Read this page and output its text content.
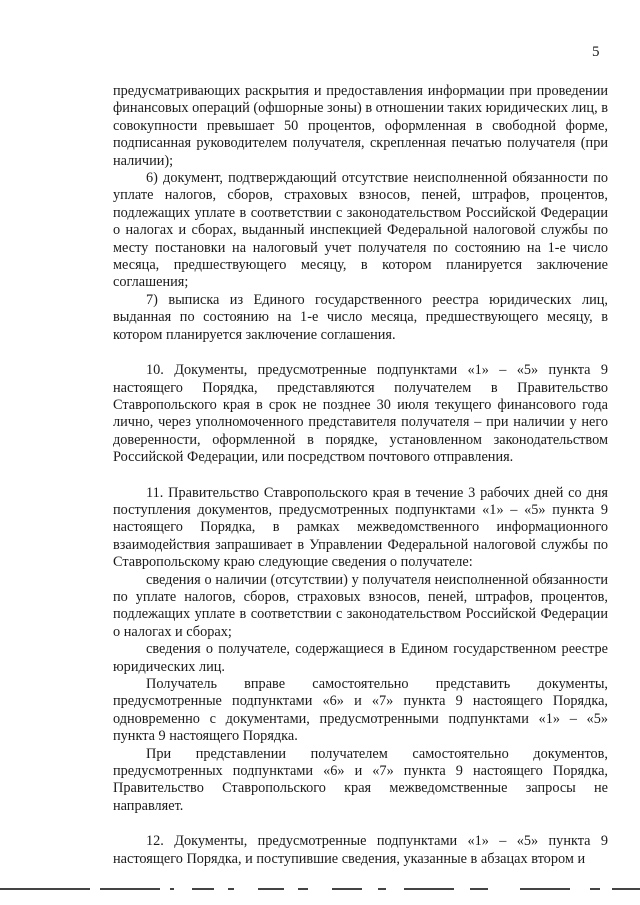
5

предусматривающих раскрытия и предоставления информации при проведении финансовых операций (офшорные зоны) в отношении таких юридических лиц, в совокупности превышает 50 процентов, оформленная в свободной форме, подписанная руководителем получателя, скрепленная печатью получателя (при наличии);

6) документ, подтверждающий отсутствие неисполненной обязанности по уплате налогов, сборов, страховых взносов, пеней, штрафов, процентов, подлежащих уплате в соответствии с законодательством Российской Федерации о налогах и сборах, выданный инспекцией Федеральной налоговой службы по месту постановки на налоговый учет получателя по состоянию на 1-е число месяца, предшествующего месяцу, в котором планируется заключение соглашения;

7) выписка из Единого государственного реестра юридических лиц, выданная по состоянию на 1-е число месяца, предшествующего месяцу, в котором планируется заключение соглашения.

10. Документы, предусмотренные подпунктами «1» – «5» пункта 9 настоящего Порядка, представляются получателем в Правительство Ставропольского края в срок не позднее 30 июля текущего финансового года лично, через уполномоченного представителя получателя – при наличии у него доверенности, оформленной в порядке, установленном законодательством Российской Федерации, или посредством почтового отправления.

11. Правительство Ставропольского края в течение 3 рабочих дней со дня поступления документов, предусмотренных подпунктами «1» – «5» пункта 9 настоящего Порядка, в рамках межведомственного информационного взаимодействия запрашивает в Управлении Федеральной налоговой службы по Ставропольскому краю следующие сведения о получателе:

сведения о наличии (отсутствии) у получателя неисполненной обязанности по уплате налогов, сборов, страховых взносов, пеней, штрафов, процентов, подлежащих уплате в соответствии с законодательством Российской Федерации о налогах и сборах;

сведения о получателе, содержащиеся в Едином государственном реестре юридических лиц.

Получатель вправе самостоятельно представить документы, предусмотренные подпунктами «6» и «7» пункта 9 настоящего Порядка, одновременно с документами, предусмотренными подпунктами «1» – «5» пункта 9 настоящего Порядка.

При представлении получателем самостоятельно документов, предусмотренных подпунктами «6» и «7» пункта 9 настоящего Порядка, Правительство Ставропольского края межведомственные запросы не направляет.

12. Документы, предусмотренные подпунктами «1» – «5» пункта 9 настоящего Порядка, и поступившие сведения, указанные в абзацах втором и
